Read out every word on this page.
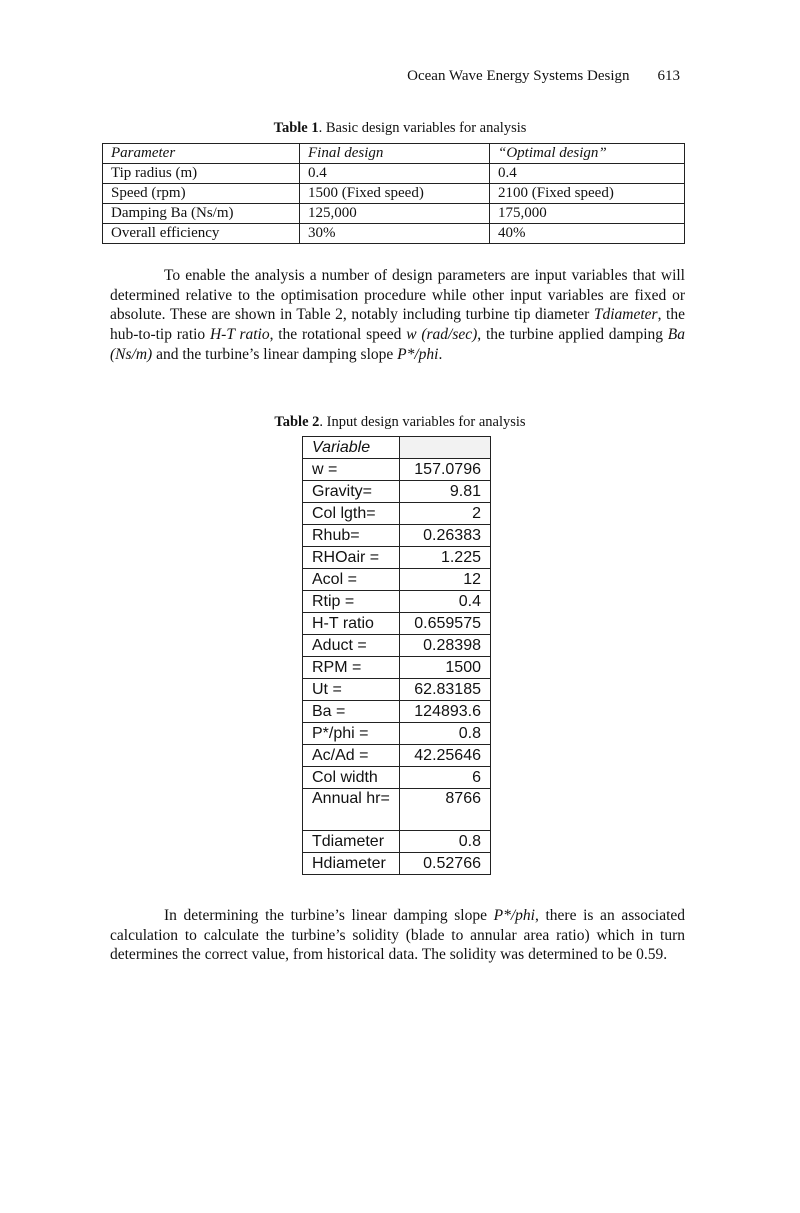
Ocean Wave Energy Systems Design 613
Table 1. Basic design variables for analysis
Parameter	Final design	“Optimal design”
Tip radius (m)	0.4	0.4
Speed (rpm)	1500 (Fixed speed)	2100 (Fixed speed)
Damping Ba (Ns/m)	125,000	175,000
Overall efficiency	30%	40%
To enable the analysis a number of design parameters are input variables that will determined relative to the optimisation procedure while other input variables are fixed or absolute. These are shown in Table 2, notably including turbine tip diameter Tdiameter, the hub-to-tip ratio H-T ratio, the rotational speed w (rad/sec), the turbine applied damping Ba (Ns/m) and the turbine’s linear damping slope P*/phi.
Table 2. Input design variables for analysis
Variable	
w =	157.0796
Gravity=	9.81
Col lgth=	2
Rhub=	0.26383
RHOair =	1.225
Acol =	12
Rtip =	0.4
H-T ratio	0.659575
Aduct =	0.28398
RPM =	1500
Ut =	62.83185
Ba =	124893.6
P*/phi =	0.8
Ac/Ad =	42.25646
Col width	6
Annual hr=	8766
Tdiameter	0.8
Hdiameter	0.52766
In determining the turbine’s linear damping slope P*/phi, there is an associated calculation to calculate the turbine’s solidity (blade to annular area ratio) which in turn determines the correct value, from historical data. The solidity was determined to be 0.59.
